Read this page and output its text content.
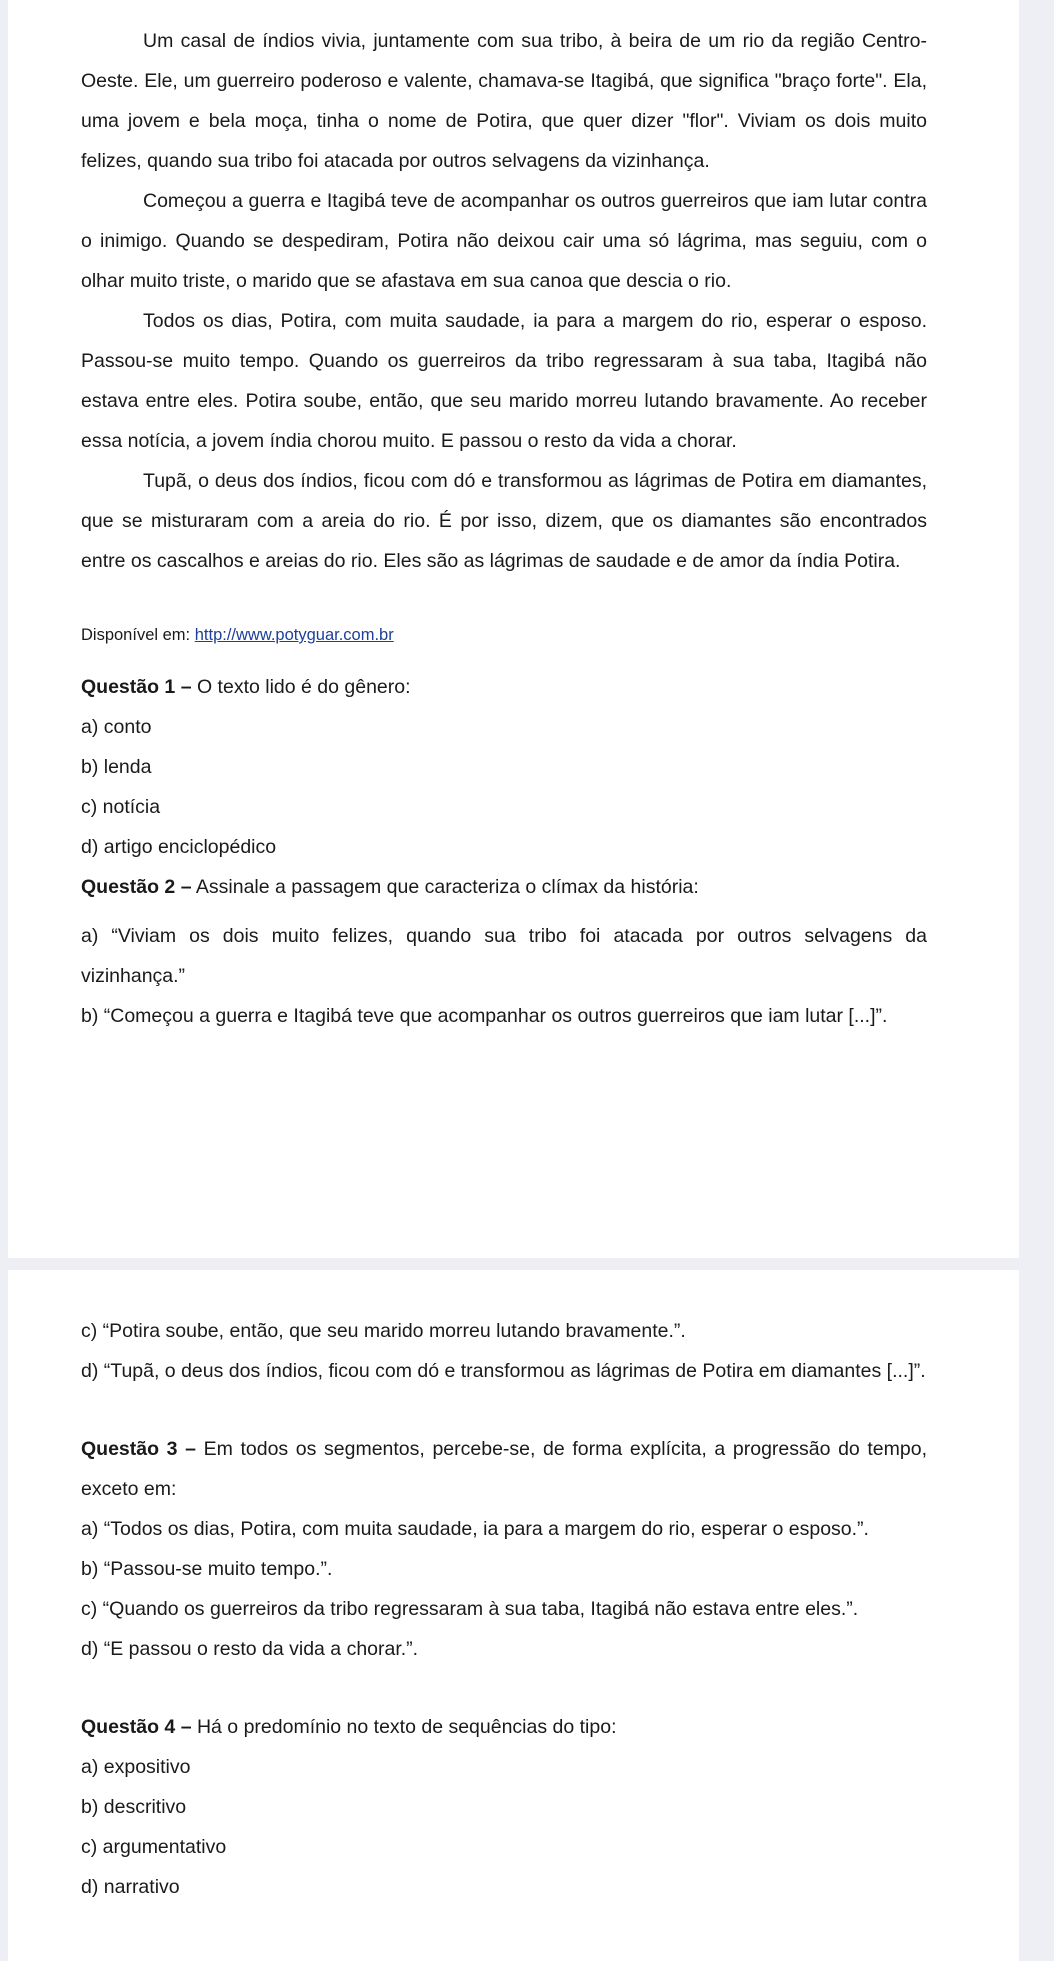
Um casal de índios vivia, juntamente com sua tribo, à beira de um rio da região Centro-Oeste. Ele, um guerreiro poderoso e valente, chamava-se Itagibá, que significa "braço forte". Ela, uma jovem e bela moça, tinha o nome de Potira, que quer dizer "flor". Viviam os dois muito felizes, quando sua tribo foi atacada por outros selvagens da vizinhança.

Começou a guerra e Itagibá teve de acompanhar os outros guerreiros que iam lutar contra o inimigo. Quando se despediram, Potira não deixou cair uma só lágrima, mas seguiu, com o olhar muito triste, o marido que se afastava em sua canoa que descia o rio.

Todos os dias, Potira, com muita saudade, ia para a margem do rio, esperar o esposo. Passou-se muito tempo. Quando os guerreiros da tribo regressaram à sua taba, Itagibá não estava entre eles. Potira soube, então, que seu marido morreu lutando bravamente. Ao receber essa notícia, a jovem índia chorou muito. E passou o resto da vida a chorar.

Tupã, o deus dos índios, ficou com dó e transformou as lágrimas de Potira em diamantes, que se misturaram com a areia do rio. É por isso, dizem, que os diamantes são encontrados entre os cascalhos e areias do rio. Eles são as lágrimas de saudade e de amor da índia Potira.

Disponível em: http://www.potyguar.com.br

Questão 1 – O texto lido é do gênero:

a) conto

b) lenda

c) notícia

d) artigo enciclopédico

Questão 2 – Assinale a passagem que caracteriza o clímax da história:

a) “Viviam os dois muito felizes, quando sua tribo foi atacada por outros selvagens da vizinhança.”

b) “Começou a guerra e Itagibá teve que acompanhar os outros guerreiros que iam lutar [...]”.

c) “Potira soube, então, que seu marido morreu lutando bravamente.”.

d) “Tupã, o deus dos índios, ficou com dó e transformou as lágrimas de Potira em diamantes [...]”.

Questão 3 – Em todos os segmentos, percebe-se, de forma explícita, a progressão do tempo, exceto em:

a) “Todos os dias, Potira, com muita saudade, ia para a margem do rio, esperar o esposo.”.

b) “Passou-se muito tempo.”.

c) “Quando os guerreiros da tribo regressaram à sua taba, Itagibá não estava entre eles.”.

d) “E passou o resto da vida a chorar.”.

Questão 4 – Há o predomínio no texto de sequências do tipo:

a) expositivo

b) descritivo

c) argumentativo

d) narrativo
